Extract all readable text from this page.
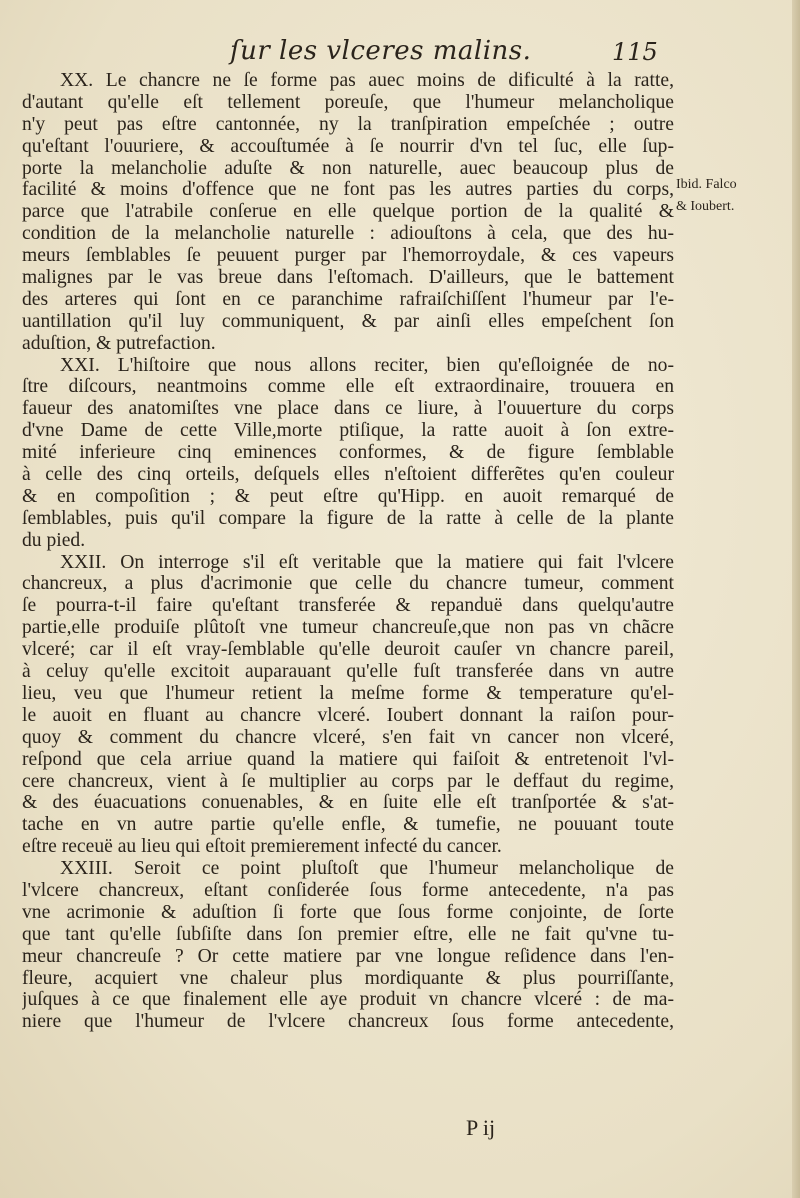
ſur les vlceres malins.	115
XX. Le chancre ne ſe forme pas auec moins de dificulté à la ratte,
d'autant qu'elle eſt tellement poreuſe, que l'humeur melancholique
n'y peut pas eſtre cantonnée, ny la tranſpiration empeſchée ; outre
qu'eſtant l'ouuriere, & accouſtumée à ſe nourrir d'vn tel ſuc, elle ſup-
porte la melancholie aduſte & non naturelle, auec beaucoup plus de
facilité & moins d'offence que ne font pas les autres parties du corps,
parce que l'atrabile conſerue en elle quelque portion de la qualité &
condition de la melancholie naturelle : adiouſtons à cela, que des hu-
meurs ſemblables ſe peuuent purger par l'hemorroydale, & ces vapeurs
malignes par le vas breue dans l'eſtomach. D'ailleurs, que le battement
des arteres qui ſont en ce paranchime rafraiſchiſſent l'humeur par l'e-
uantillation qu'il luy communiquent, & par ainſi elles empeſchent ſon
aduſtion, & putrefaction.
XXI. L'hiſtoire que nous allons reciter, bien qu'eſloignée de no-
ſtre diſcours, neantmoins comme elle eſt extraordinaire, trouuera en
faueur des anatomiſtes vne place dans ce liure, à l'ouuerture du corps
d'vne Dame de cette Ville,morte ptiſique, la ratte auoit à ſon extre-
mité inferieure cinq eminences conformes, & de figure ſemblable
à celle des cinq orteils, deſquels elles n'eſtoient differẽtes qu'en couleur
& en compoſition ; & peut eſtre qu'Hipp. en auoit remarqué de
ſemblables, puis qu'il compare la figure de la ratte à celle de la plante
du pied.
XXII. On interroge s'il eſt veritable que la matiere qui fait l'vlcere
chancreux, a plus d'acrimonie que celle du chancre tumeur, comment
ſe pourra-t-il faire qu'eſtant transferée & repanduë dans quelqu'autre
partie,elle produiſe plûtoſt vne tumeur chancreuſe,que non pas vn chãcre
vlceré; car il eſt vray-ſemblable qu'elle deuroit cauſer vn chancre pareil,
à celuy qu'elle excitoit auparauant qu'elle fuſt transferée dans vn autre
lieu, veu que l'humeur retient la meſme forme & temperature qu'el-
le auoit en fluant au chancre vlceré. Ioubert donnant la raiſon pour-
quoy & comment du chancre vlceré, s'en fait vn cancer non vlceré,
reſpond que cela arriue quand la matiere qui faiſoit & entretenoit l'vl-
cere chancreux, vient à ſe multiplier au corps par le deffaut du regime,
& des éuacuations conuenables, & en ſuite elle eſt tranſportée & s'at-
tache en vn autre partie qu'elle enfle, & tumefie, ne pouuant toute
eſtre receuë au lieu qui eſtoit premierement infecté du cancer.
XXIII. Seroit ce point pluſtoſt que l'humeur melancholique de
l'vlcere chancreux, eſtant conſiderée ſous forme antecedente, n'a pas
vne acrimonie & aduſtion ſi forte que ſous forme conjointe, de ſorte
que tant qu'elle ſubſiſte dans ſon premier eſtre, elle ne fait qu'vne tu-
meur chancreuſe ? Or cette matiere par vne longue reſidence dans l'en-
fleure, acquiert vne chaleur plus mordiquante & plus pourriſſante,
juſques à ce que finalement elle aye produit vn chancre vlceré : de ma-
niere que l'humeur de l'vlcere chancreux ſous forme antecedente,
Ibid. Falco
& Ioubert.
P ij
